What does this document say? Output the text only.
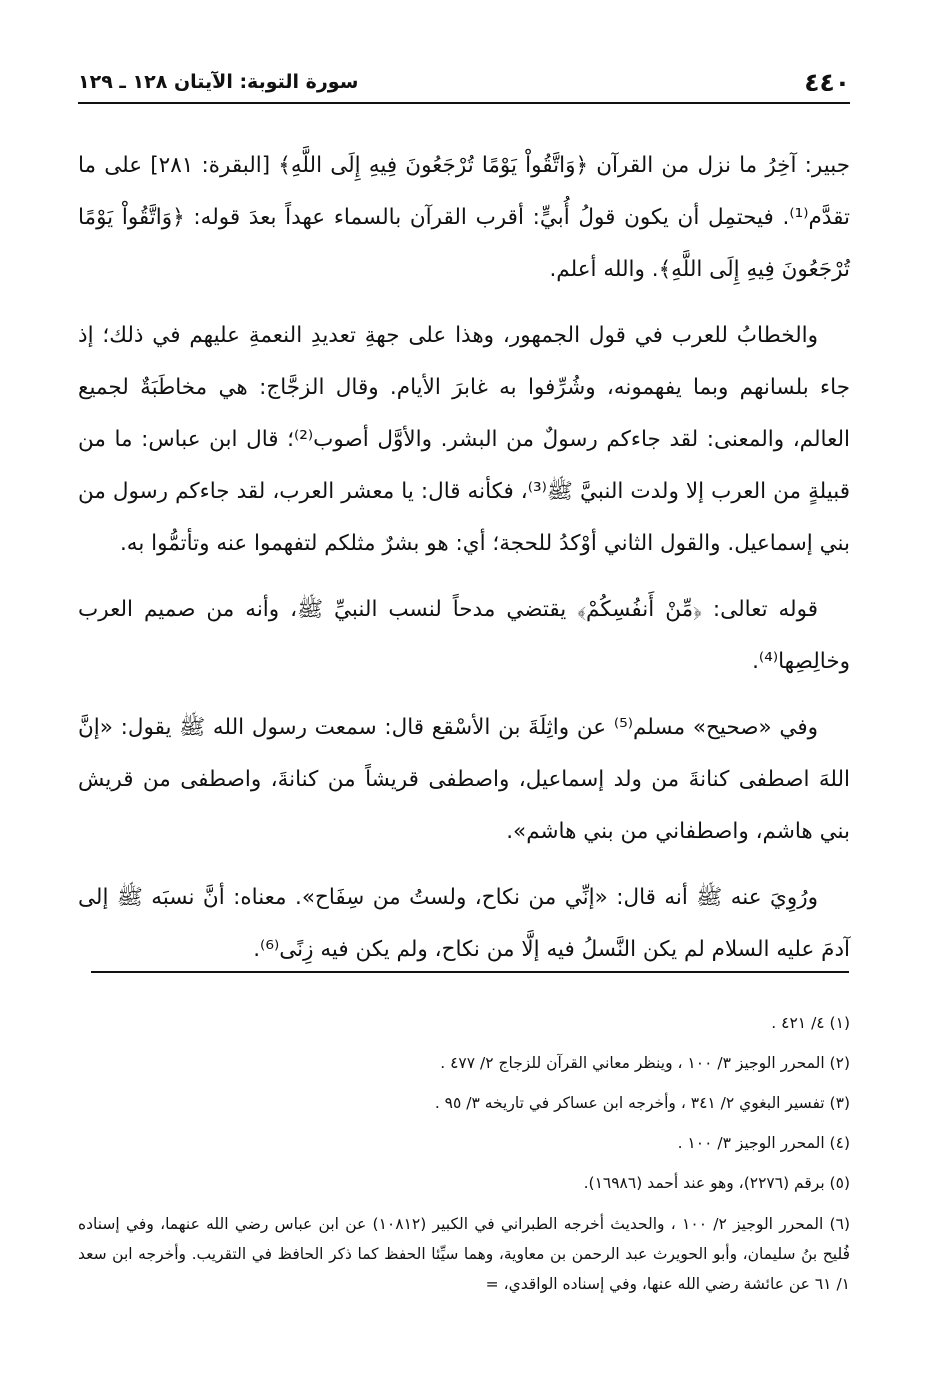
٤٤٠
سورة التوبة: الآيتان ١٢٨ ـ ١٢٩

جبير: آخِرُ ما نزل من القرآن ﴿وَاتَّقُواْ يَوْمًا تُرْجَعُونَ فِيهِ إِلَى اللَّهِ﴾ [البقرة: ٢٨١] على ما تقدَّم⁽¹⁾. فيحتمِل أن يكون قولُ أُبيٍّ: أقرب القرآن بالسماء عهداً بعدَ قوله: ﴿وَاتَّقُواْ يَوْمًا تُرْجَعُونَ فِيهِ إِلَى اللَّهِ﴾. والله أعلم.

والخطابُ للعرب في قول الجمهور، وهذا على جهةِ تعديدِ النعمةِ عليهم في ذلك؛ إذ جاء بلسانهم وبما يفهمونه، وشُرِّفوا به غابرَ الأيام. وقال الزجَّاج: هي مخاطَبَةٌ لجميع العالم، والمعنى: لقد جاءكم رسولٌ من البشر. والأوَّل أصوب⁽²⁾؛ قال ابن عباس: ما من قبيلةٍ من العرب إلا ولدت النبيَّ ﷺ⁽³⁾، فكأنه قال: يا معشر العرب، لقد جاءكم رسول من بني إسماعيل. والقول الثاني أوْكدُ للحجة؛ أي: هو بشرٌ مثلكم لتفهموا عنه وتأتمُّوا به.

قوله تعالى: ﴿مِّنْ أَنفُسِكُمْ﴾ يقتضي مدحاً لنسب النبيِّ ﷺ، وأنه من صميم العرب وخالِصِها⁽⁴⁾.

وفي «صحيح» مسلم⁽⁵⁾ عن واثِلَةَ بن الأسْقع قال: سمعت رسول الله ﷺ يقول: «إنَّ اللهَ اصطفى كنانةَ من ولد إسماعيل، واصطفى قريشاً من كنانةَ، واصطفى من قريش بني هاشم، واصطفاني من بني هاشم».

ورُوِيَ عنه ﷺ أنه قال: «إنِّي من نكاح، ولستُ من سِفَاح». معناه: أنَّ نسبَه ﷺ إلى آدمَ عليه السلام لم يكن النَّسلُ فيه إلَّا من نكاح، ولم يكن فيه زِنًى⁽⁶⁾.

(١) ٤/ ٤٢١ .

(٢) المحرر الوجيز ٣/ ١٠٠ ، وينظر معاني القرآن للزجاج ٢/ ٤٧٧ .

(٣) تفسير البغوي ٢/ ٣٤١ ، وأخرجه ابن عساكر في تاريخه ٣/ ٩٥ .

(٤) المحرر الوجيز ٣/ ١٠٠ .

(٥) برقم (٢٢٧٦)، وهو عند أحمد (١٦٩٨٦).

(٦) المحرر الوجيز ٢/ ١٠٠ ، والحديث أخرجه الطبراني في الكبير (١٠٨١٢) عن ابن عباس رضي الله عنهما، وفي إسناده فُليح بنُ سليمان، وأبو الحويرث عبد الرحمن بن معاوية، وهما سيِّئا الحفظ كما ذكر الحافظ في التقريب. وأخرجه ابن سعد ١/ ٦١ عن عائشة رضي الله عنها، وفي إسناده الواقدي، =
